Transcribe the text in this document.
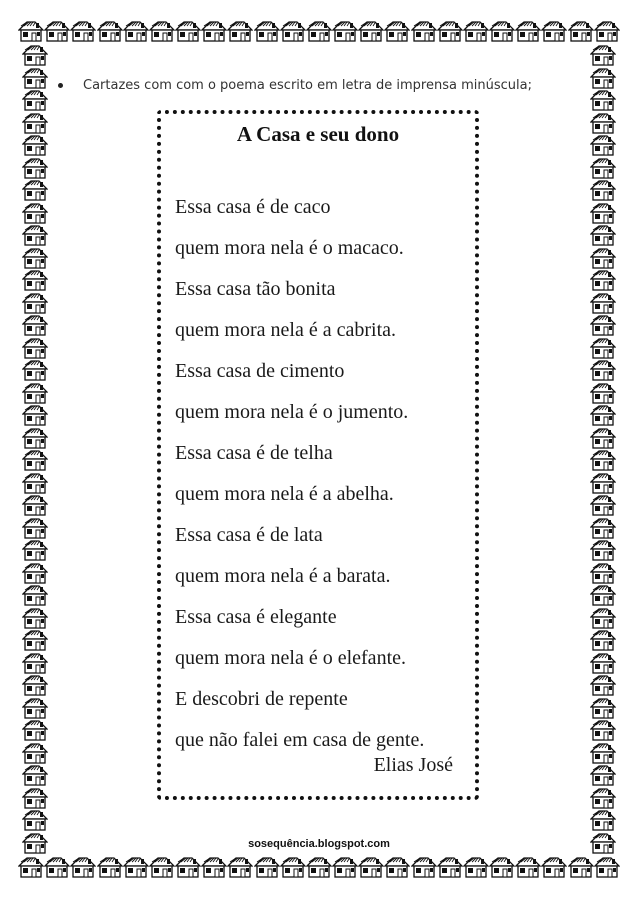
Cartazes com com o poema escrito em letra de imprensa minúscula;
A Casa e seu dono
Essa casa é de caco
quem mora nela é o macaco.
Essa casa tão bonita
quem mora nela é a cabrita.
Essa casa de cimento
quem mora nela é o jumento.
Essa casa é de telha
quem mora nela é a abelha.
Essa casa é de lata
quem mora nela é a barata.
Essa casa é elegante
quem mora nela é o elefante.
E descobri de repente
que não falei em casa de gente.
Elias José
sosequência.blogspot.com
